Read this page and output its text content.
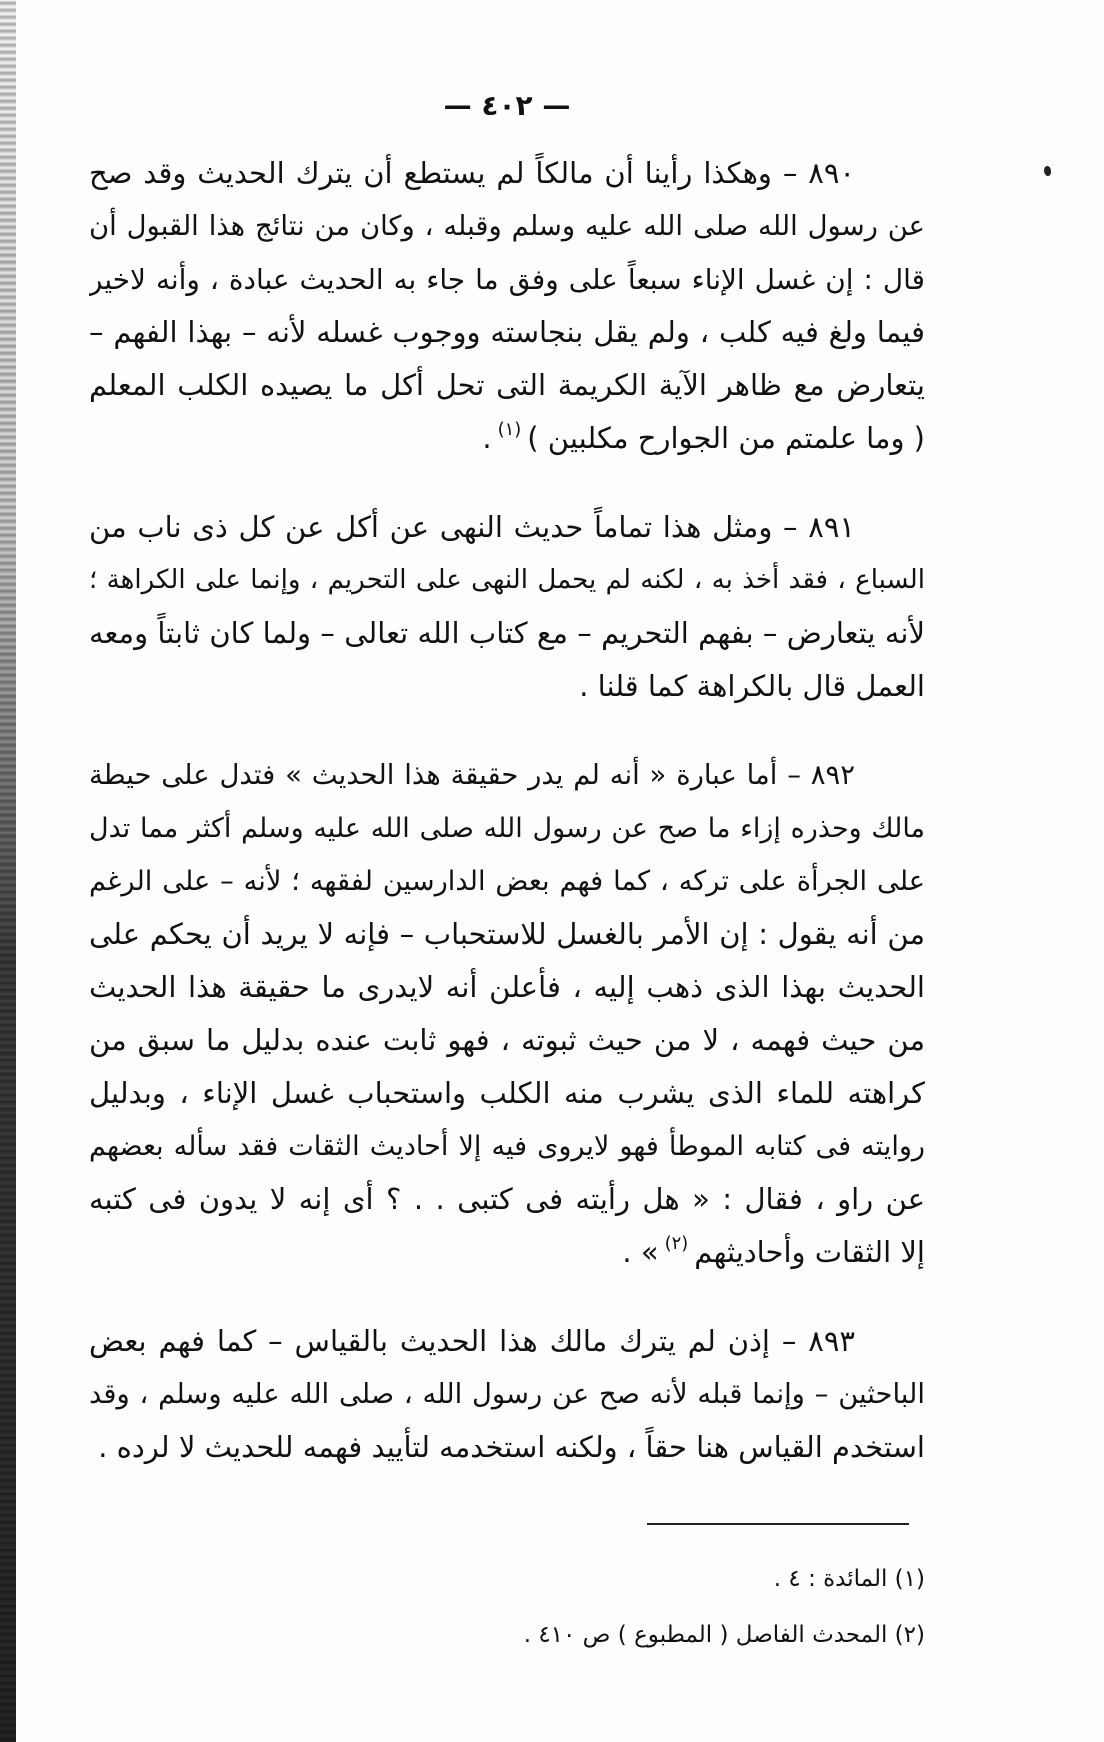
— ٤٠٢ —
٨٩٠ – وهكذا رأينا أن مالكاً لم يستطع أن يترك الحديث وقد صح
عن رسول الله صلى الله عليه وسلم وقبله ، وكان من نتائج هذا القبول أن
قال : إن غسل الإناء سبعاً على وفق ما جاء به الحديث عبادة ، وأنه لاخير
فيما ولغ فيه كلب ، ولم يقل بنجاسته ووجوب غسله لأنه – بهذا الفهم –
يتعارض مع ظاهر الآية الكريمة التى تحل أكل ما يصيده الكلب المعلم
( وما علمتم من الجوارح مكلبين )$^{(١)}$.
٨٩١ – ومثل هذا تماماً حديث النهى عن أكل عن كل ذى ناب من
السباع ، فقد أخذ به ، لكنه لم يحمل النهى على التحريم ، وإنما على الكراهة ؛
لأنه يتعارض – بفهم التحريم – مع كتاب الله تعالى – ولما كان ثابتاً ومعه
العمل قال بالكراهة كما قلنا .
٨٩٢ – أما عبارة « أنه لم يدر حقيقة هذا الحديث » فتدل على حيطة
مالك وحذره إزاء ما صح عن رسول الله صلى الله عليه وسلم أكثر مما تدل
على الجرأة على تركه ، كما فهم بعض الدارسين لفقهه ؛ لأنه – على الرغم
من أنه يقول : إن الأمر بالغسل للاستحباب – فإنه لا يريد أن يحكم على
الحديث بهذا الذى ذهب إليه ، فأعلن أنه لايدرى ما حقيقة هذا الحديث
من حيث فهمه ، لا من حيث ثبوته ، فهو ثابت عنده بدليل ما سبق من
كراهته للماء الذى يشرب منه الكلب واستحباب غسل الإناء ، وبدليل
روايته فى كتابه الموطأ فهو لايروى فيه إلا أحاديث الثقات فقد سأله بعضهم
عن راو ، فقال : « هل رأيته فى كتبى . . ؟ أى إنه لا يدون فى كتبه
إلا الثقات وأحاديثهم$^{(٢)}$» .
٨٩٣ – إذن لم يترك مالك هذا الحديث بالقياس – كما فهم بعض
الباحثين – وإنما قبله لأنه صح عن رسول الله ، صلى الله عليه وسلم ، وقد
استخدم القياس هنا حقاً ، ولكنه استخدمه لتأييد فهمه للحديث لا لرده .
(١) المائدة : ٤ .
(٢) المحدث الفاصل ( المطبوع ) ص ٤١٠ .
